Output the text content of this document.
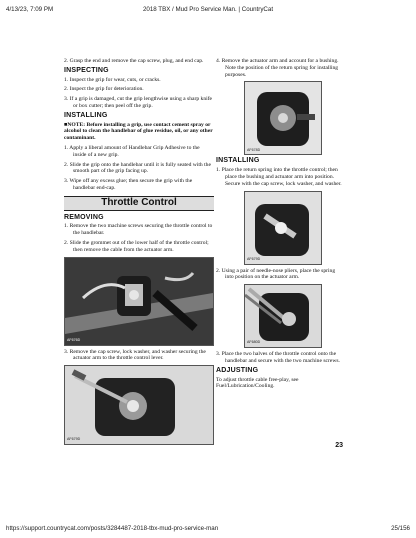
4/13/23, 7:09 PM	2018 TBX / Mud Pro Service Man. | CountryCat

2. Grasp the end and remove the cap screw, plug, and end cap.

INSPECTING

1. Inspect the grip for wear, cuts, or cracks.

2. Inspect the grip for deterioration.

3. If a grip is damaged, cut the grip lengthwise using a sharp knife or box cutter; then peel off the grip.

INSTALLING

■NOTE: Before installing a grip, use contact cement spray or alcohol to clean the handlebar of glue residue, oil, or any other contaminant.

1. Apply a liberal amount of Handlebar Grip Adhesive to the inside of a new grip.

2. Slide the grip onto the handlebar until it is fully seated with the smooth part of the grip facing up.

3. Wipe off any excess glue; then secure the grip with the handlebar end-cap.

Throttle Control
REMOVING

1. Remove the two machine screws securing the throttle control to the handlebar.

2. Slide the grommet out of the lower half of the throttle control; then remove the cable from the actuator arm.

AF676D

3. Remove the cap screw, lock washer, and washer securing the actuator arm to the throttle control lever.

AF679D

4. Remove the actuator arm and account for a bushing. Note the position of the return spring for installing purposes.

AF678D
INSTALLING

1. Place the return spring into the throttle control; then place the bushing and actuator arm into position. Secure with the cap screw, lock washer, and washer.

AF679D

2. Using a pair of needle-nose pliers, place the spring into position on the actuator arm.

AF680D

3. Place the two halves of the throttle control onto the handlebar and secure with the two machine screws.

ADJUSTING

To adjust throttle cable free-play, see Fuel/Lubrication/Cooling.

23
https://support.countrycat.com/posts/3284487-2018-tbx-mud-pro-service-man	25/156
